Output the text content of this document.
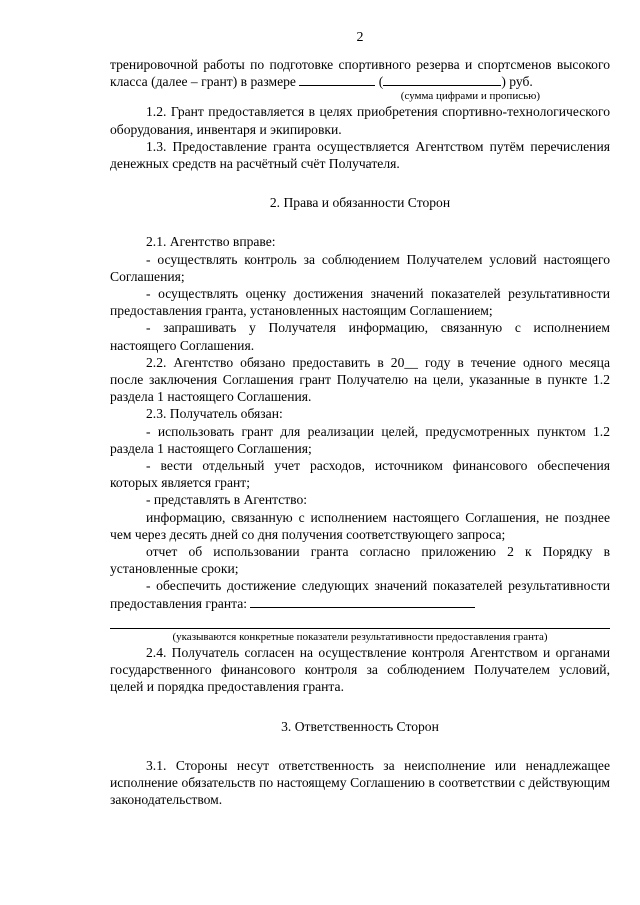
2

тренировочной работы по подготовке спортивного резерва и спортсменов высокого класса (далее – грант) в размере	(	) руб.

(сумма цифрами и прописью)

1.2. Грант предоставляется в целях приобретения спортивно-технологического оборудования, инвентаря и экипировки.

1.3. Предоставление гранта осуществляется Агентством путём перечисления денежных средств на расчётный счёт Получателя.

2. Права и обязанности Сторон

2.1. Агентство вправе:

- осуществлять контроль за соблюдением Получателем условий настоящего Соглашения;

- осуществлять оценку достижения значений показателей результативности предоставления гранта, установленных настоящим Соглашением;

- запрашивать у Получателя информацию, связанную с исполнением настоящего Соглашения.

2.2. Агентство обязано предоставить в 20__ году в течение одного месяца после заключения Соглашения грант Получателю на цели, указанные в пункте 1.2 раздела 1 настоящего Соглашения.

2.3. Получатель обязан:

- использовать грант для реализации целей, предусмотренных пунктом 1.2 раздела 1 настоящего Соглашения;

- вести отдельный учет расходов, источником финансового обеспечения которых является грант;

- представлять в Агентство:

информацию, связанную с исполнением настоящего Соглашения, не позднее чем через десять дней со дня получения соответствующего запроса;

отчет об использовании гранта согласно приложению 2 к Порядку в установленные сроки;

- обеспечить достижение следующих значений показателей результативности предоставления гранта:

(указываются конкретные показатели результативности предоставления гранта)

2.4. Получатель согласен на осуществление контроля Агентством и органами государственного финансового контроля за соблюдением Получателем условий, целей и порядка предоставления гранта.

3. Ответственность Сторон

3.1. Стороны несут ответственность за неисполнение или ненадлежащее исполнение обязательств по настоящему Соглашению в соответствии с действующим законодательством.
